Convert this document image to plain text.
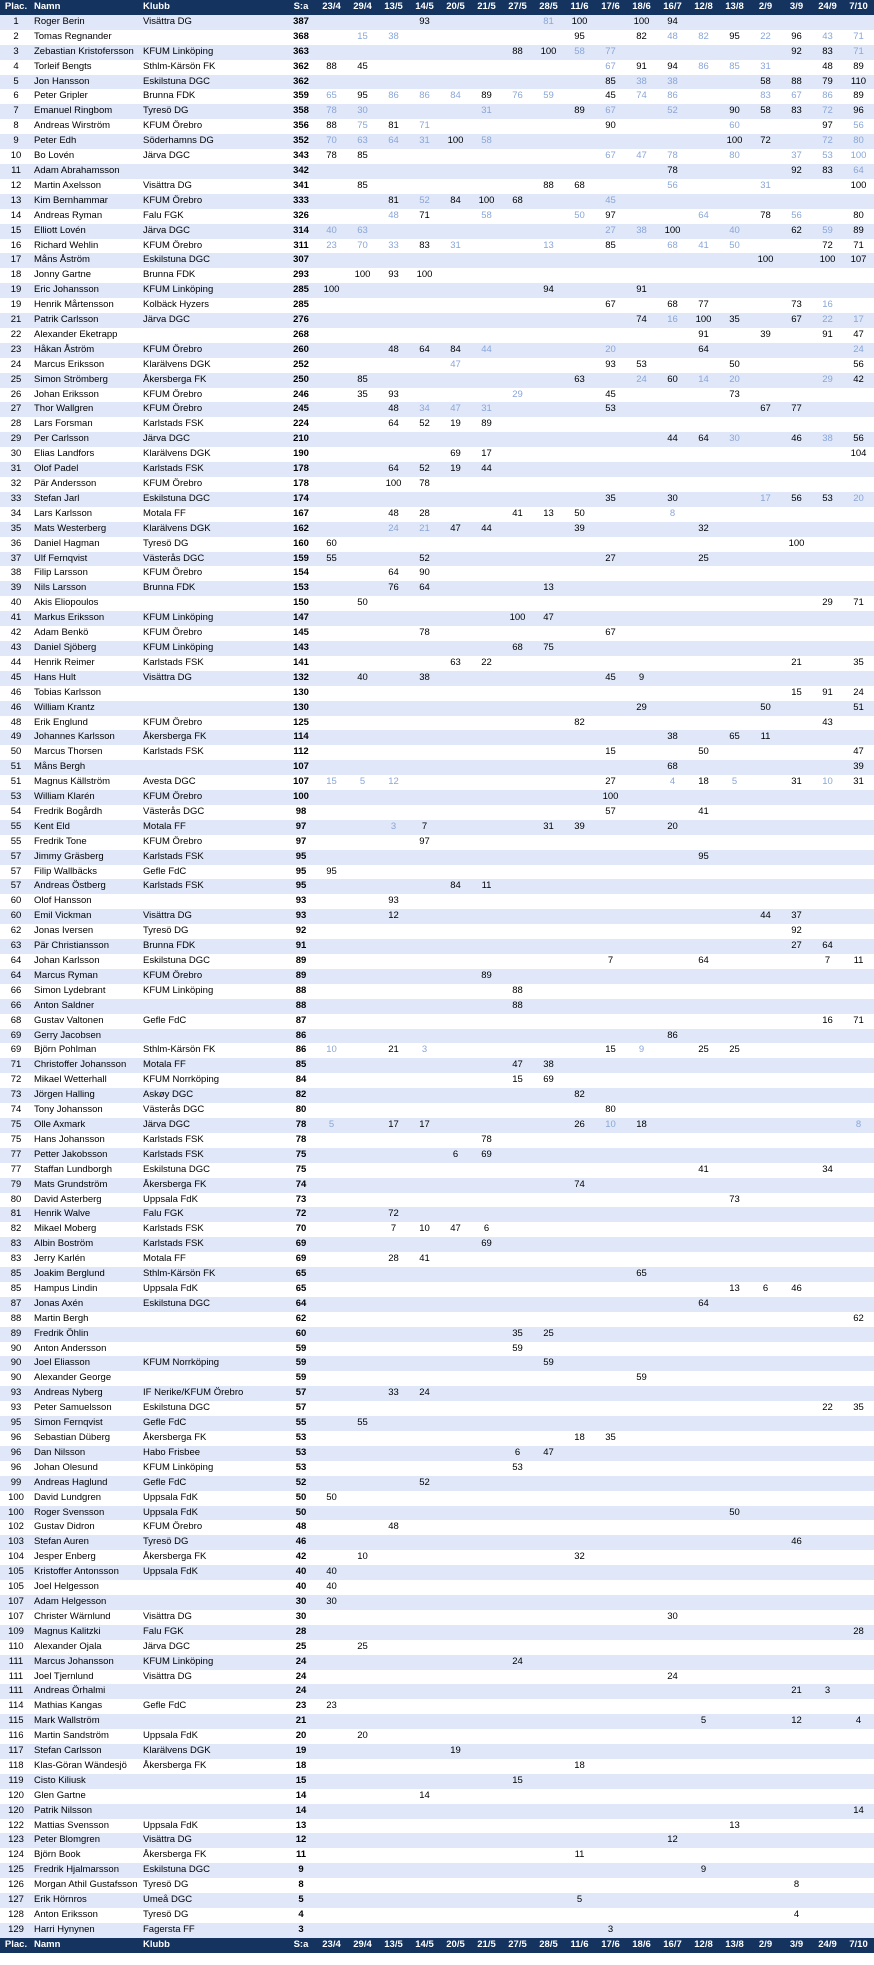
Plac.	Namn	Klubb	S:a	23/4	29/4	13/5	14/5	20/5	21/5	27/5	28/5	11/6	17/6	18/6	16/7	12/8	13/8	2/9	3/9	24/9	7/10	
1	Roger Berin	Visättra DG	387				93				81	100		100	94							
2	Tomas Regnander		368		15	38						95		82	48	82	95	22	96	43	71	
3	Zebastian Kristofersson	KFUM Linköping	363							88	100	58	77						92	83	71	
4	Torleif Bengts	Sthlm-Kärsön FK	362	88	45								67	91	94	86	85	31		48	89	
5	Jon Hansson	Eskilstuna DGC	362										85	38	38			58	88	79	110	
6	Peter Gripler	Brunna FDK	359	65	95	86	86	84	89	76	59		45	74	86			83	67	86	89	
7	Emanuel Ringbom	Tyresö DG	358	78	30				31			89	67		52		90	58	83	72	96	
8	Andreas Wirström	KFUM Örebro	356	88	75	81	71						90				60			97	56	
9	Peter Edh	Söderhamns DG	352	70	63	64	31	100	58								100	72		72	80	
10	Bo Lovén	Järva DGC	343	78	85								67	47	78		80		37	53	100	
11	Adam Abrahamsson		342												78				92	83	64	
12	Martin Axelsson	Visättra DG	341		85						88	68			56			31			100	
13	Kim Bernhammar	KFUM Örebro	333			81	52	84	100	68			45									
14	Andreas Ryman	Falu FGK	326			48	71		58			50	97			64		78	56		80	
15	Elliott Lovén	Järva DGC	314	40	63								27	38	100		40		62	59	89	
16	Richard Wehlin	KFUM Örebro	311	23	70	33	83	31			13		85		68	41	50			72	71	
17	Måns Åström	Eskilstuna DGC	307															100		100	107	
18	Jonny Gartne	Brunna FDK	293		100	93	100															
19	Eric Johansson	KFUM Linköping	285	100							94			91								
19	Henrik Mårtensson	Kolbäck Hyzers	285										67		68	77			73	16		
21	Patrik Carlsson	Järva DGC	276											74	16	100	35		67	22	17	
22	Alexander Eketrapp		268													91		39		91	47	
23	Håkan Åström	KFUM Örebro	260			48	64	84	44				20			64					24	
24	Marcus Eriksson	Klarälvens DGK	252					47					93	53			50				56	
25	Simon Strömberg	Åkersberga FK	250		85							63		24	60	14	20			29	42	
26	Johan Eriksson	KFUM Örebro	246		35	93				29			45				73					
27	Thor Wallgren	KFUM Örebro	245			48	34	47	31				53					67	77			
28	Lars Forsman	Karlstads FSK	224			64	52	19	89													
29	Per Carlsson	Järva DGC	210												44	64	30		46	38	56	
30	Elias Landfors	Klarälvens DGK	190					69	17												104	
31	Olof Padel	Karlstads FSK	178			64	52	19	44													
32	Pär Andersson	KFUM Örebro	178			100	78															
33	Stefan Jarl	Eskilstuna DGC	174										35		30			17	56	53	20	
34	Lars Karlsson	Motala FF	167			48	28			41	13	50			8							
35	Mats Westerberg	Klarälvens DGK	162			24	21	47	44			39				32						
36	Daniel Hagman	Tyresö DG	160	60															100			
37	Ulf Fernqvist	Västerås DGC	159	55			52						27			25						
38	Filip Larsson	KFUM Örebro	154			64	90															
39	Nils Larsson	Brunna FDK	153			76	64				13											
40	Akis Eliopoulos		150		50															29	71	
41	Markus Eriksson	KFUM Linköping	147							100	47											
42	Adam Benkö	KFUM Örebro	145				78						67									
43	Daniel Sjöberg	KFUM Linköping	143							68	75											
44	Henrik Reimer	Karlstads FSK	141					63	22										21		35	
45	Hans Hult	Visättra DG	132		40		38						45	9								
46	Tobias Karlsson		130																15	91	24	
46	William Krantz		130											29				50			51	
48	Erik Englund	KFUM Örebro	125									82								43		
49	Johannes Karlsson	Åkersberga FK	114												38		65	11				
50	Marcus Thorsen	Karlstads FSK	112										15			50					47	
51	Måns Bergh		107												68						39	
51	Magnus Källström	Avesta DGC	107	15	5	12							27		4	18	5		31	10	31	
53	William Klarén	KFUM Örebro	100										100									
54	Fredrik Bogårdh	Västerås DGC	98										57			41						
55	Kent Eld	Motala FF	97			3	7				31	39			20							
55	Fredrik Tone	KFUM Örebro	97				97															
57	Jimmy Gräsberg	Karlstads FSK	95													95						
57	Filip Wallbäcks	Gefle FdC	95	95																		
57	Andreas Östberg	Karlstads FSK	95					84	11													
60	Olof Hansson		93			93																
60	Emil Vickman	Visättra DG	93			12												44	37			
62	Jonas Iversen	Tyresö DG	92																92			
63	Pär Christiansson	Brunna FDK	91																27	64		
64	Johan Karlsson	Eskilstuna DGC	89										7			64				7	11	
64	Marcus Ryman	KFUM Örebro	89						89													
66	Simon Lydebrant	KFUM Linköping	88							88												
66	Anton Saldner		88							88												
68	Gustav Valtonen	Gefle FdC	87																	16	71	
69	Gerry Jacobsen		86												86							
69	Björn Pohlman	Sthlm-Kärsön FK	86	10		21	3						15	9		25	25					
71	Christoffer Johansson	Motala FF	85							47	38											
72	Mikael Wetterhall	KFUM Norrköping	84							15	69											
73	Jörgen Halling	Askøy DGC	82									82										
74	Tony Johansson	Västerås DGC	80										80									
75	Olle Axmark	Järva DGC	78	5		17	17					26	10	18							8	
75	Hans Johansson	Karlstads FSK	78						78													
77	Petter Jakobsson	Karlstads FSK	75					6	69													
77	Staffan Lundborgh	Eskilstuna DGC	75													41				34		
79	Mats Grundström	Åkersberga FK	74									74										
80	David Asterberg	Uppsala FdK	73														73					
81	Henrik Walve	Falu FGK	72			72																
82	Mikael Moberg	Karlstads FSK	70			7	10	47	6													
83	Albin Boström	Karlstads FSK	69						69													
83	Jerry Karlén	Motala FF	69			28	41															
85	Joakim Berglund	Sthlm-Kärsön FK	65											65								
85	Hampus Lindin	Uppsala FdK	65														13	6	46			
87	Jonas Axén	Eskilstuna DGC	64													64						
88	Martin Bergh		62																		62	
89	Fredrik Öhlin		60							35	25											
90	Anton Andersson		59							59												
90	Joel Eliasson	KFUM Norrköping	59								59											
90	Alexander George		59											59								
93	Andreas Nyberg	IF Nerike/KFUM Örebro	57			33	24															
93	Peter Samuelsson	Eskilstuna DGC	57																	22	35	
95	Simon Fernqvist	Gefle FdC	55		55																	
96	Sebastian Düberg	Åkersberga FK	53									18	35									
96	Dan Nilsson	Habo Frisbee	53							6	47											
96	Johan Olesund	KFUM Linköping	53							53												
99	Andreas Haglund	Gefle FdC	52				52															
100	David Lundgren	Uppsala FdK	50	50																		
100	Roger Svensson	Uppsala FdK	50														50					
102	Gustav Didron	KFUM Örebro	48			48																
103	Stefan Auren	Tyresö DG	46																46			
104	Jesper Enberg	Åkersberga FK	42		10							32										
105	Kristoffer Antonsson	Uppsala FdK	40	40																		
105	Joel Helgesson		40	40																		
107	Adam Helgesson		30	30																		
107	Christer Wärnlund	Visättra DG	30												30							
109	Magnus Kalitzki	Falu FGK	28																		28	
110	Alexander Ojala	Järva DGC	25		25																	
111	Marcus Johansson	KFUM Linköping	24							24												
111	Joel Tjernlund	Visättra DG	24												24							
111	Andreas Örhalmi		24																21	3		
114	Mathias Kangas	Gefle FdC	23	23																		
115	Mark Wallström		21													5			12		4	
116	Martin Sandström	Uppsala FdK	20		20																	
117	Stefan Carlsson	Klarälvens DGK	19					19														
118	Klas-Göran Wändesjö	Åkersberga FK	18									18										
119	Cisto Kiliusk		15							15												
120	Glen Gartne		14				14															
120	Patrik Nilsson		14																		14	
122	Mattias Svensson	Uppsala FdK	13														13					
123	Peter Blomgren	Visättra DG	12												12							
124	Björn Book	Åkersberga FK	11									11										
125	Fredrik Hjalmarsson	Eskilstuna DGC	9													9						
126	Morgan Athil Gustafsson	Tyresö DG	8																8			
127	Erik Hörnros	Umeå DGC	5									5										
128	Anton Eriksson	Tyresö DG	4																4			
129	Harri Hynynen	Fagersta FF	3										3									
Plac.	Namn	Klubb	S:a	23/4	29/4	13/5	14/5	20/5	21/5	27/5	28/5	11/6	17/6	18/6	16/7	12/8	13/8	2/9	3/9	24/9	7/10	
